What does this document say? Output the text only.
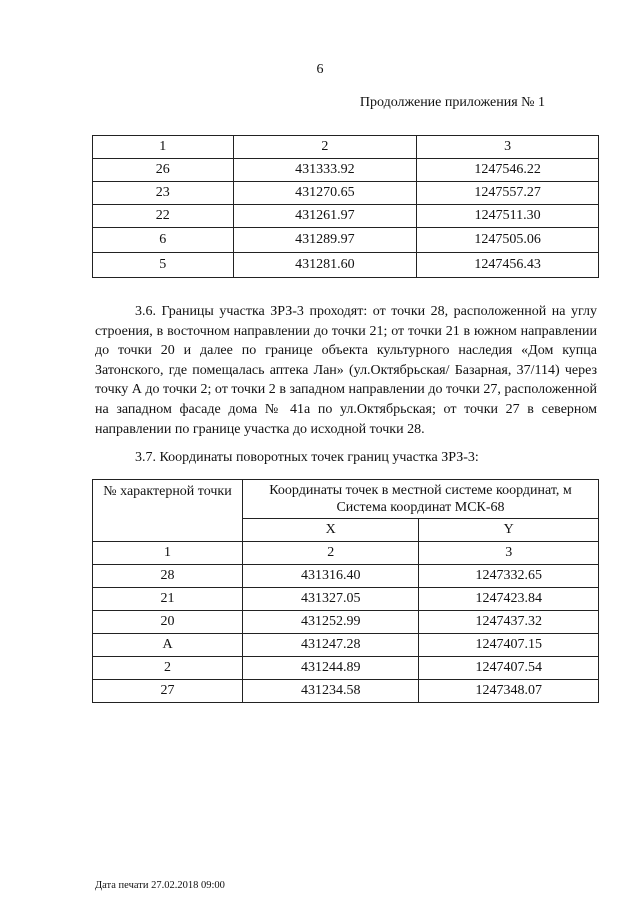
6
Продолжение приложения № 1
1	2	3
26	431333.92	1247546.22
23	431270.65	1247557.27
22	431261.97	1247511.30
6	431289.97	1247505.06
5	431281.60	1247456.43

3.6. Границы участка ЗРЗ-3 проходят: от точки 28, расположенной на углу строения, в восточном направлении до точки 21; от точки 21 в южном направлении до точки 20 и далее по границе объекта культурного наследия «Дом купца Затонского, где помещалась аптека Лан» (ул.Октябрьская/ Базарная, 37/114) через точку А до точки 2; от точки 2 в западном направлении до точки 27, расположенной на западном фасаде дома № 41а по ул.Октябрьская; от точки 27 в северном направлении по границе участка до исходной точки 28.

3.7. Координаты поворотных точек границ участка ЗРЗ-3:

№ характерной точки	Координаты точек в местной системе координат, м
Система координат МСК-68	
	X	Y
1	2	3
28	431316.40	1247332.65
21	431327.05	1247423.84
20	431252.99	1247437.32
А	431247.28	1247407.15
2	431244.89	1247407.54
27	431234.58	1247348.07
Дата печати 27.02.2018 09:00
